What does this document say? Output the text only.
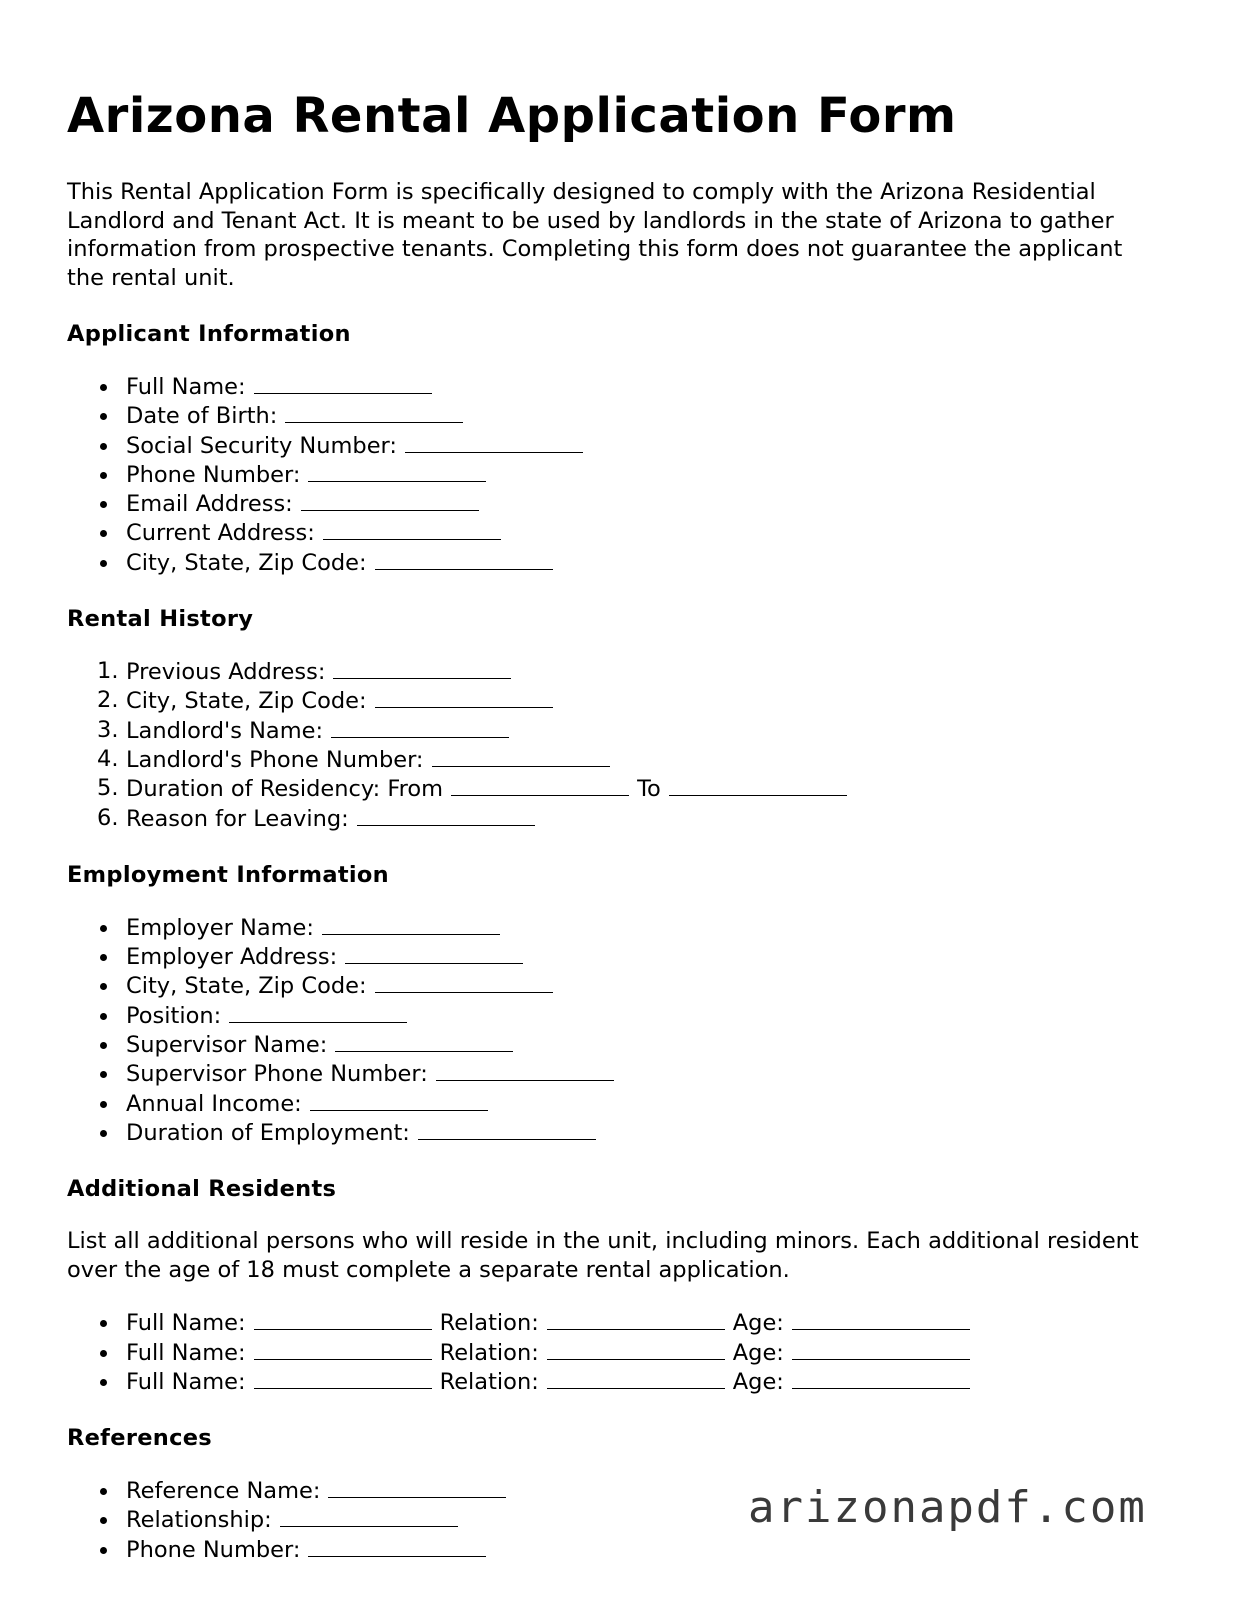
Arizona Rental Application Form

This Rental Application Form is specifically designed to comply with the Arizona Residential Landlord and Tenant Act. It is meant to be used by landlords in the state of Arizona to gather information from prospective tenants. Completing this form does not guarantee the applicant the rental unit.

Applicant Information
Full Name:
Date of Birth:
Social Security Number:
Phone Number:
Email Address:
Current Address:
City, State, Zip Code:
Rental History
1. Previous Address:
2. City, State, Zip Code:
3. Landlord's Name:
4. Landlord's Phone Number:
5. Duration of Residency: From	To
6. Reason for Leaving:
Employment Information
Employer Name:
Employer Address:
City, State, Zip Code:
Position:
Supervisor Name:
Supervisor Phone Number:
Annual Income:
Duration of Employment:
Additional Residents

List all additional persons who will reside in the unit, including minors. Each additional resident over the age of 18 must complete a separate rental application.

Full Name:	Relation:	Age:
Full Name:	Relation:	Age:
Full Name:	Relation:	Age:
References
Reference Name:
Relationship:
Phone Number:
arizonapdf.com
